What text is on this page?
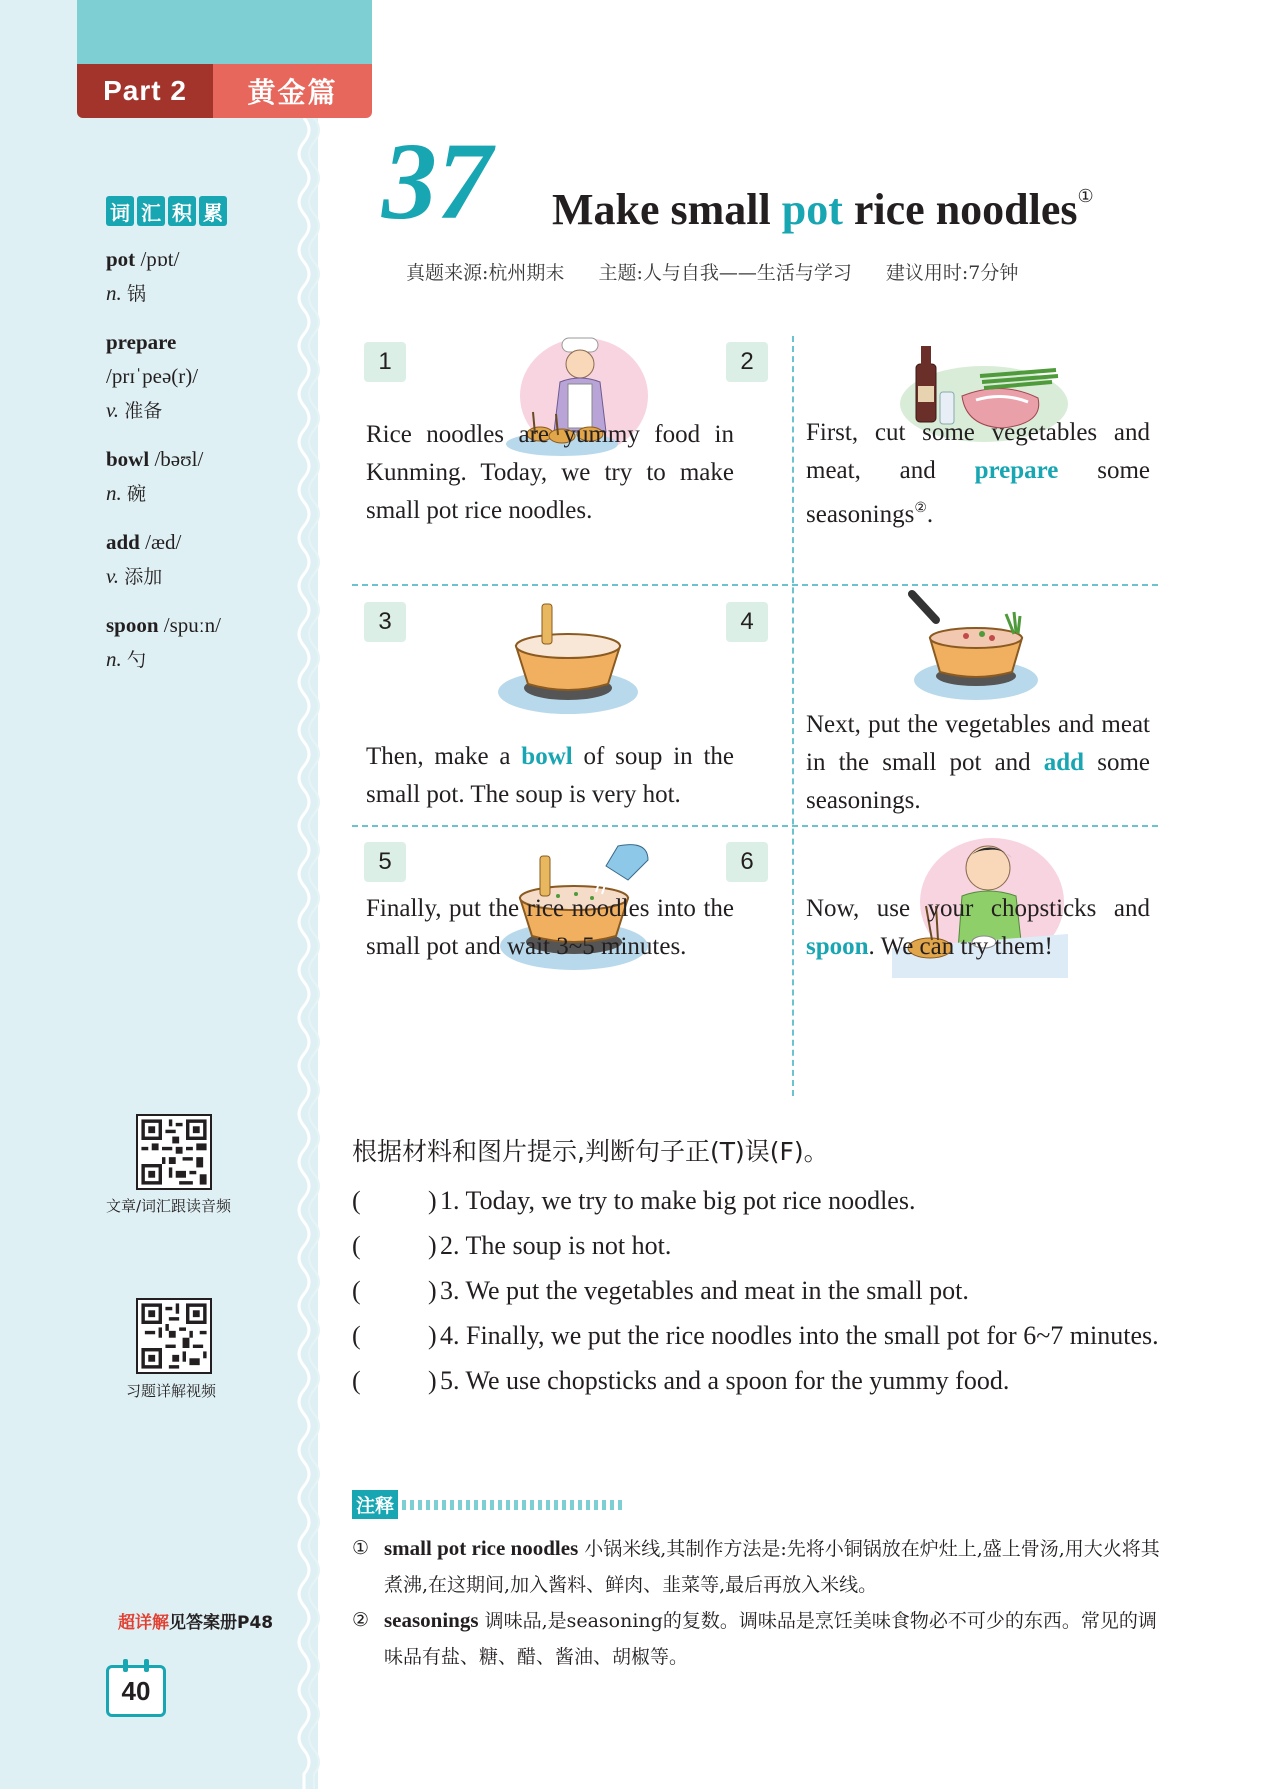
Part 2	黄金篇
词 汇 积 累
pot /pɒt/
n. 锅
prepare
/prɪˈpeə(r)/
v. 准备
bowl /bəʊl/
n. 碗
add /æd/
v. 添加
spoon /spuːn/
n. 勺
文章/词汇跟读音频
习题详解视频
超详解见答案册P48
40
37 Make small pot rice noodles①
真题来源:杭州期末 主题:人与自我——生活与学习 建议用时:7分钟
1
Rice noodles are yummy food in Kunming. Today, we try to make small pot rice noodles.
2
First, cut some vegetables and meat, and prepare some seasonings②.
3
Then, make a bowl of soup in the small pot. The soup is very hot.
4
Next, put the vegetables and meat in the small pot and add some seasonings.
5
Finally, put the rice noodles into the small pot and wait 3~5 minutes.
6
Now, use your chopsticks and spoon. We can try them!
根据材料和图片提示,判断句子正(T)误(F)。
(	) 1. Today, we try to make big pot rice noodles.
(	) 2. The soup is not hot.
(	) 3. We put the vegetables and meat in the small pot.
(	) 4. Finally, we put the rice noodles into the small pot for 6~7 minutes.
(	) 5. We use chopsticks and a spoon for the yummy food.
注释
① small pot rice noodles 小锅米线,其制作方法是:先将小铜锅放在炉灶上,盛上骨汤,用大火将其煮沸,在这期间,加入酱料、鲜肉、韭菜等,最后再放入米线。
② seasonings 调味品,是seasoning的复数。调味品是烹饪美味食物必不可少的东西。常见的调味品有盐、糖、醋、酱油、胡椒等。
